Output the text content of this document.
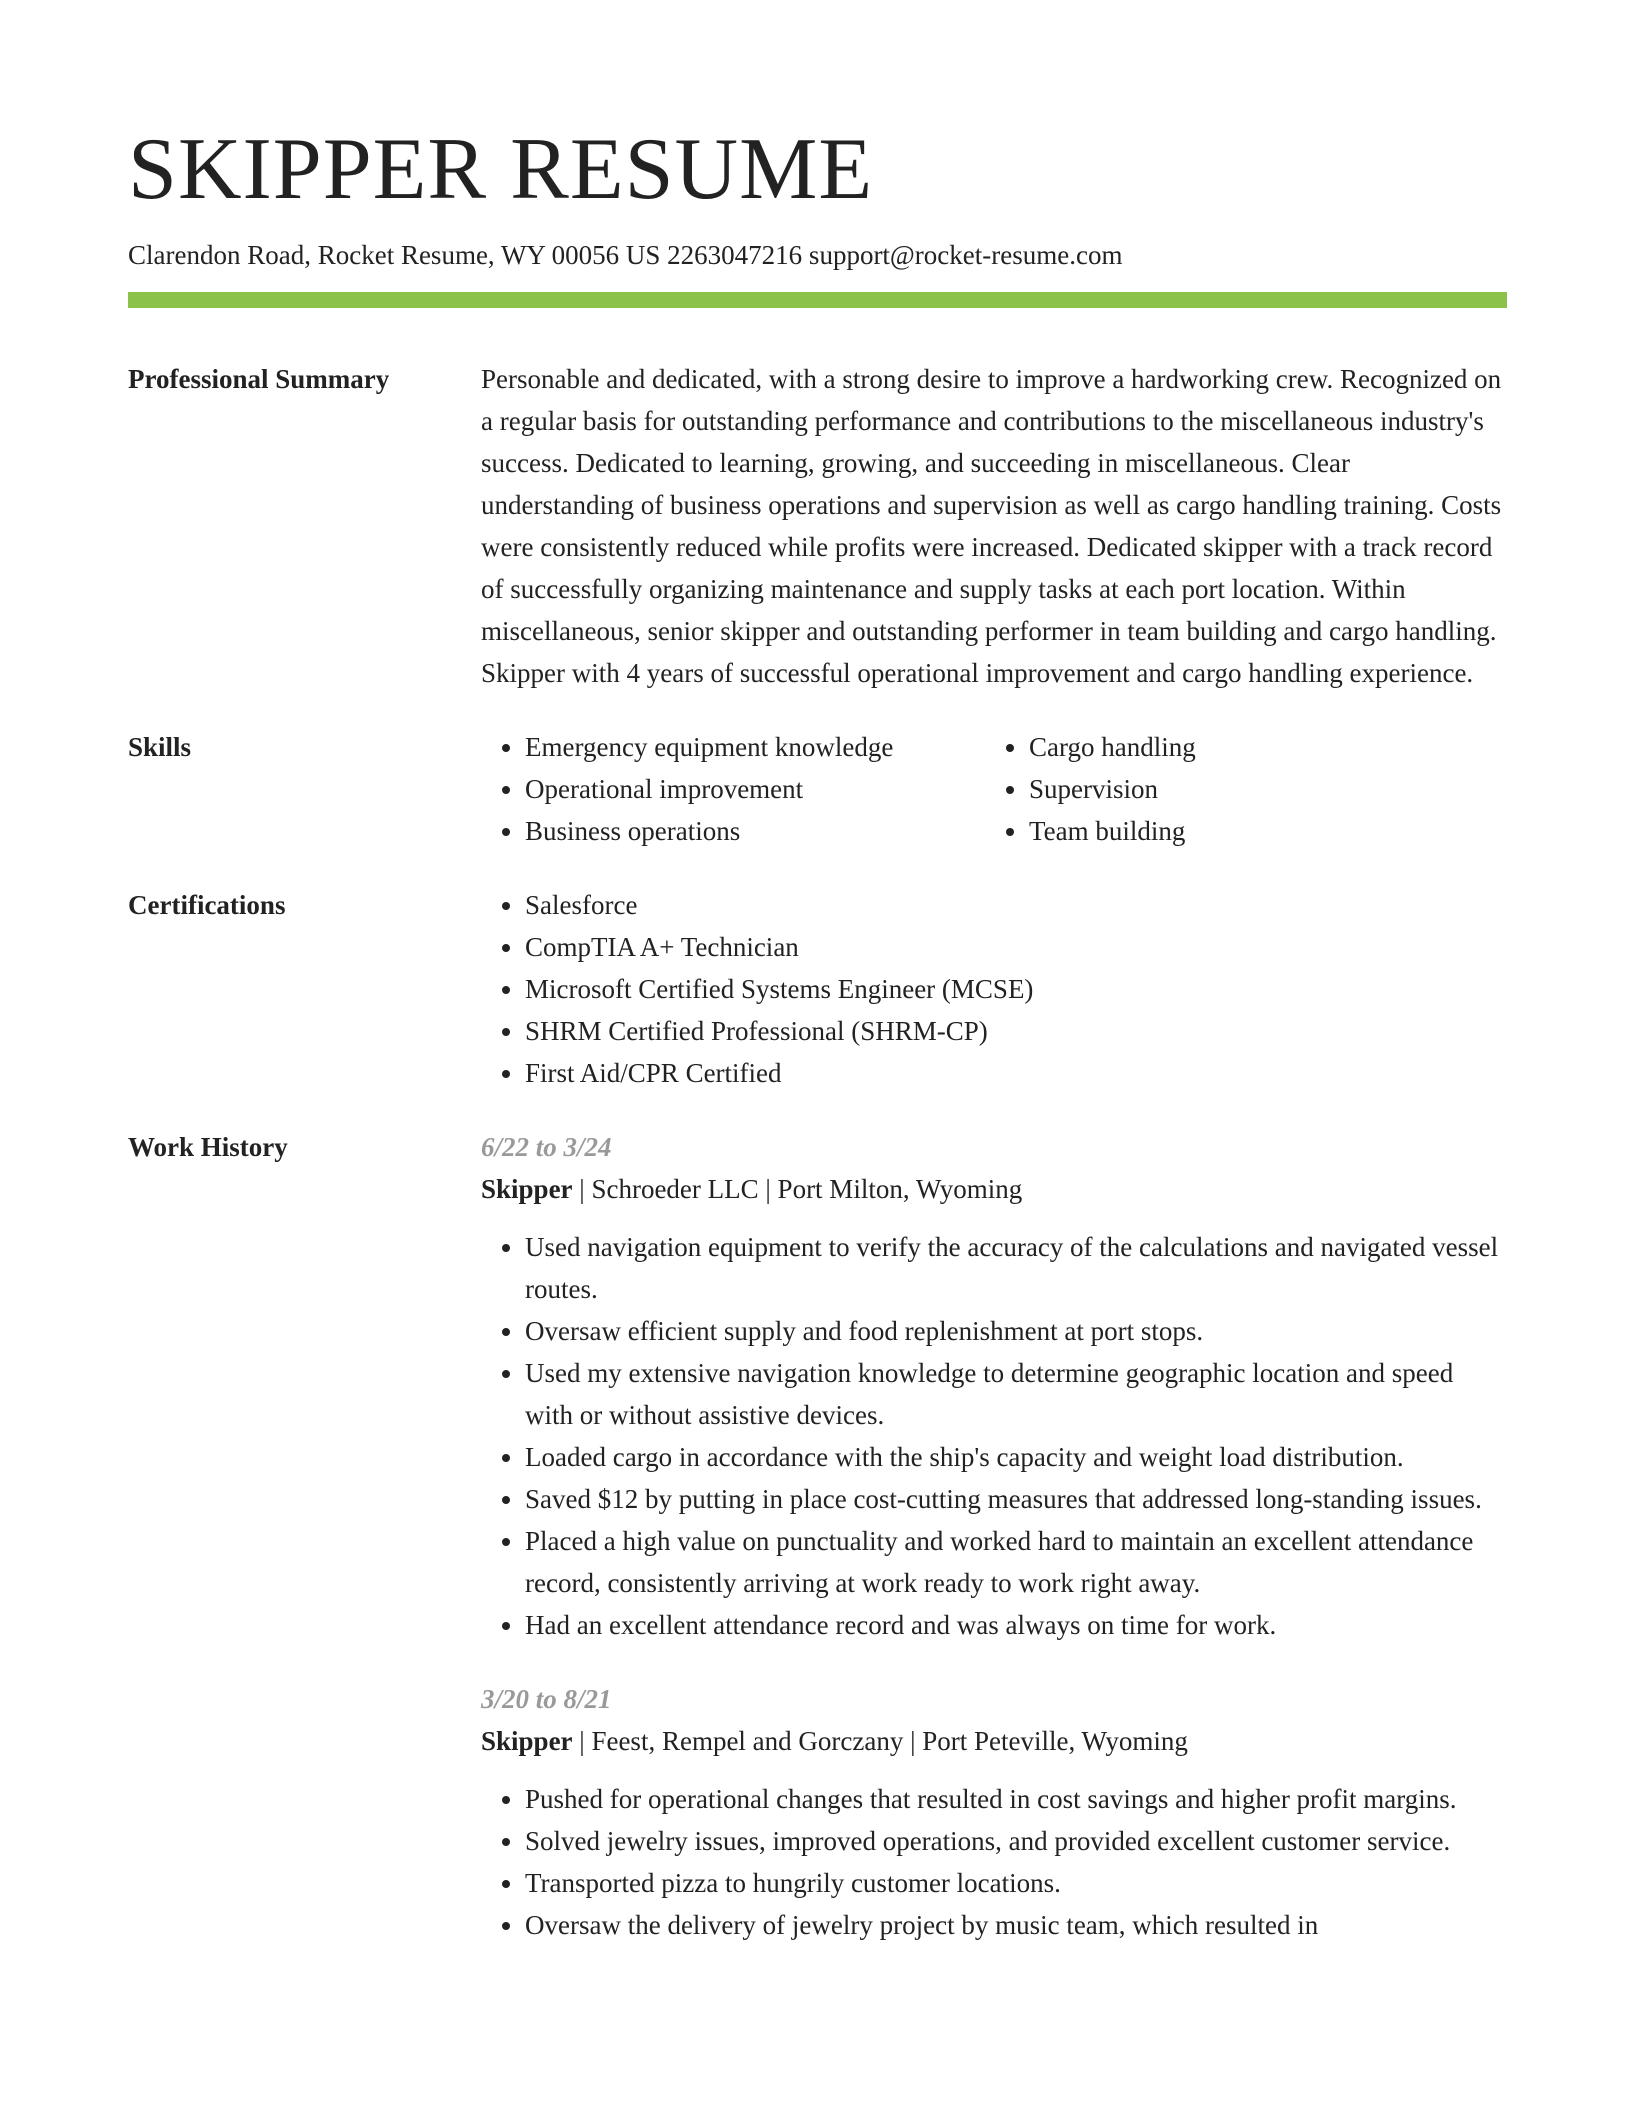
SKIPPER RESUME
Clarendon Road, Rocket Resume, WY 00056 US 2263047216 support@rocket-resume.com
Professional Summary	Personable and dedicated, with a strong desire to improve a hardworking crew. Recognized on a regular basis for outstanding performance and contributions to the miscellaneous industry's success. Dedicated to learning, growing, and succeeding in miscellaneous. Clear understanding of business operations and supervision as well as cargo handling training. Costs were consistently reduced while profits were increased. Dedicated skipper with a track record of successfully organizing maintenance and supply tasks at each port location. Within miscellaneous, senior skipper and outstanding performer in team building and cargo handling. Skipper with 4 years of successful operational improvement and cargo handling experience.
Skills	• Emergency equipment knowledge
• Operational improvement
• Business operations
• Cargo handling
• Supervision
• Team building
Certifications	• Salesforce
• CompTIA A+ Technician
• Microsoft Certified Systems Engineer (MCSE)
• SHRM Certified Professional (SHRM-CP)
• First Aid/CPR Certified
Work History	6/22 to 3/24
Skipper | Schroeder LLC | Port Milton, Wyoming
• Used navigation equipment to verify the accuracy of the calculations and navigated vessel routes.
• Oversaw efficient supply and food replenishment at port stops.
• Used my extensive navigation knowledge to determine geographic location and speed with or without assistive devices.
• Loaded cargo in accordance with the ship's capacity and weight load distribution.
• Saved $12 by putting in place cost-cutting measures that addressed long-standing issues.
• Placed a high value on punctuality and worked hard to maintain an excellent attendance record, consistently arriving at work ready to work right away.
• Had an excellent attendance record and was always on time for work.
3/20 to 8/21
Skipper | Feest, Rempel and Gorczany | Port Peteville, Wyoming
• Pushed for operational changes that resulted in cost savings and higher profit margins.
• Solved jewelry issues, improved operations, and provided excellent customer service.
• Transported pizza to hungrily customer locations.
• Oversaw the delivery of jewelry project by music team, which resulted in
